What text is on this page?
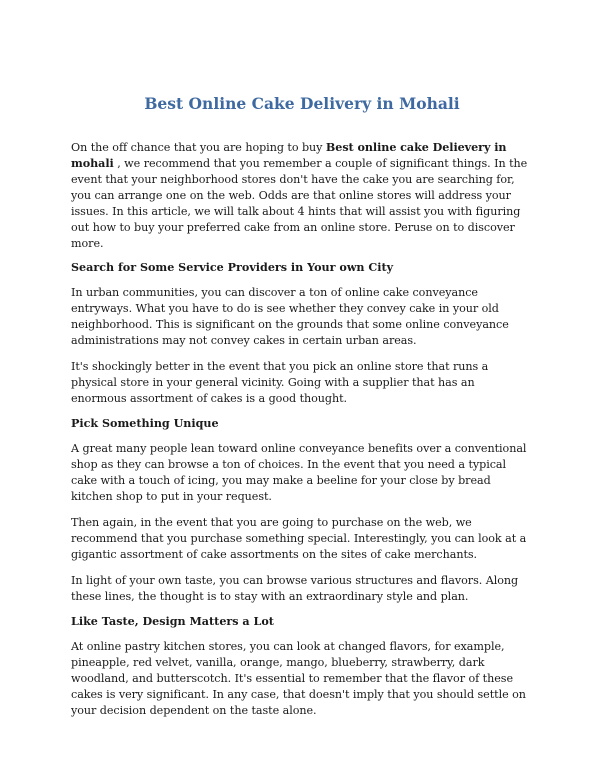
Best Online Cake Delivery in Mohali

On the off chance that you are hoping to buy Best online cake Delievery in mohali , we recommend that you remember a couple of significant things. In the event that your neighborhood stores don't have the cake you are searching for, you can arrange one on the web. Odds are that online stores will address your issues. In this article, we will talk about 4 hints that will assist you with figuring out how to buy your preferred cake from an online store. Peruse on to discover more.

Search for Some Service Providers in Your own City

In urban communities, you can discover a ton of online cake conveyance entryways. What you have to do is see whether they convey cake in your old neighborhood. This is significant on the grounds that some online conveyance administrations may not convey cakes in certain urban areas.

It's shockingly better in the event that you pick an online store that runs a physical store in your general vicinity. Going with a supplier that has an enormous assortment of cakes is a good thought.

Pick Something Unique

A great many people lean toward online conveyance benefits over a conventional shop as they can browse a ton of choices. In the event that you need a typical cake with a touch of icing, you may make a beeline for your close by bread kitchen shop to put in your request.

Then again, in the event that you are going to purchase on the web, we recommend that you purchase something special. Interestingly, you can look at a gigantic assortment of cake assortments on the sites of cake merchants.

In light of your own taste, you can browse various structures and flavors. Along these lines, the thought is to stay with an extraordinary style and plan.

Like Taste, Design Matters a Lot

At online pastry kitchen stores, you can look at changed flavors, for example, pineapple, red velvet, vanilla, orange, mango, blueberry, strawberry, dark woodland, and butterscotch. It's essential to remember that the flavor of these cakes is very significant. In any case, that doesn't imply that you should settle on your decision dependent on the taste alone.
